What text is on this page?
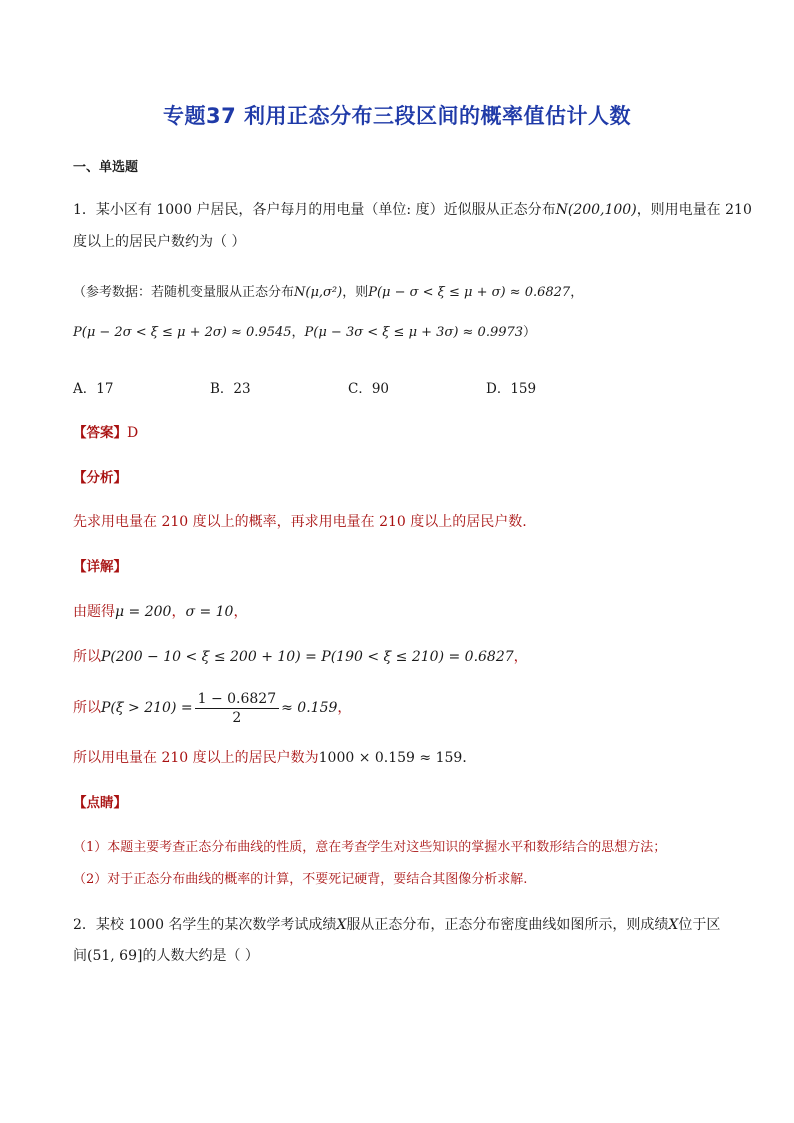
专题37 利用正态分布三段区间的概率值估计人数
一、单选题
1．某小区有 1000 户居民，各户每月的用电量（单位: 度）近似服从正态分布N(200,100)，则用电量在 210
度以上的居民户数约为（ ）
（参考数据：若随机变量服从正态分布N(μ,σ²)，则P(μ − σ < ξ ≤ μ + σ) ≈ 0.6827，
P(μ − 2σ < ξ ≤ μ + 2σ) ≈ 0.9545，P(μ − 3σ < ξ ≤ μ + 3σ) ≈ 0.9973）
A．17	B．23	C．90	D．159
【答案】D
【分析】
先求用电量在 210 度以上的概率，再求用电量在 210 度以上的居民户数.
【详解】
由题得μ = 200，σ = 10，
所以P(200 − 10 < ξ ≤ 200 + 10) = P(190 < ξ ≤ 210) = 0.6827，
所以$P(\xi > 210) = \frac{1 - 0.6827}{2} \approx 0.159$，
所以用电量在 210 度以上的居民户数为1000 × 0.159 ≈ 159．
【点睛】
（1）本题主要考查正态分布曲线的性质，意在考查学生对这些知识的掌握水平和数形结合的思想方法；
（2）对于正态分布曲线的概率的计算，不要死记硬背，要结合其图像分析求解.
2．某校 1000 名学生的某次数学考试成绩X服从正态分布，正态分布密度曲线如图所示，则成绩X位于区
间(51, 69]的人数大约是（ ）
